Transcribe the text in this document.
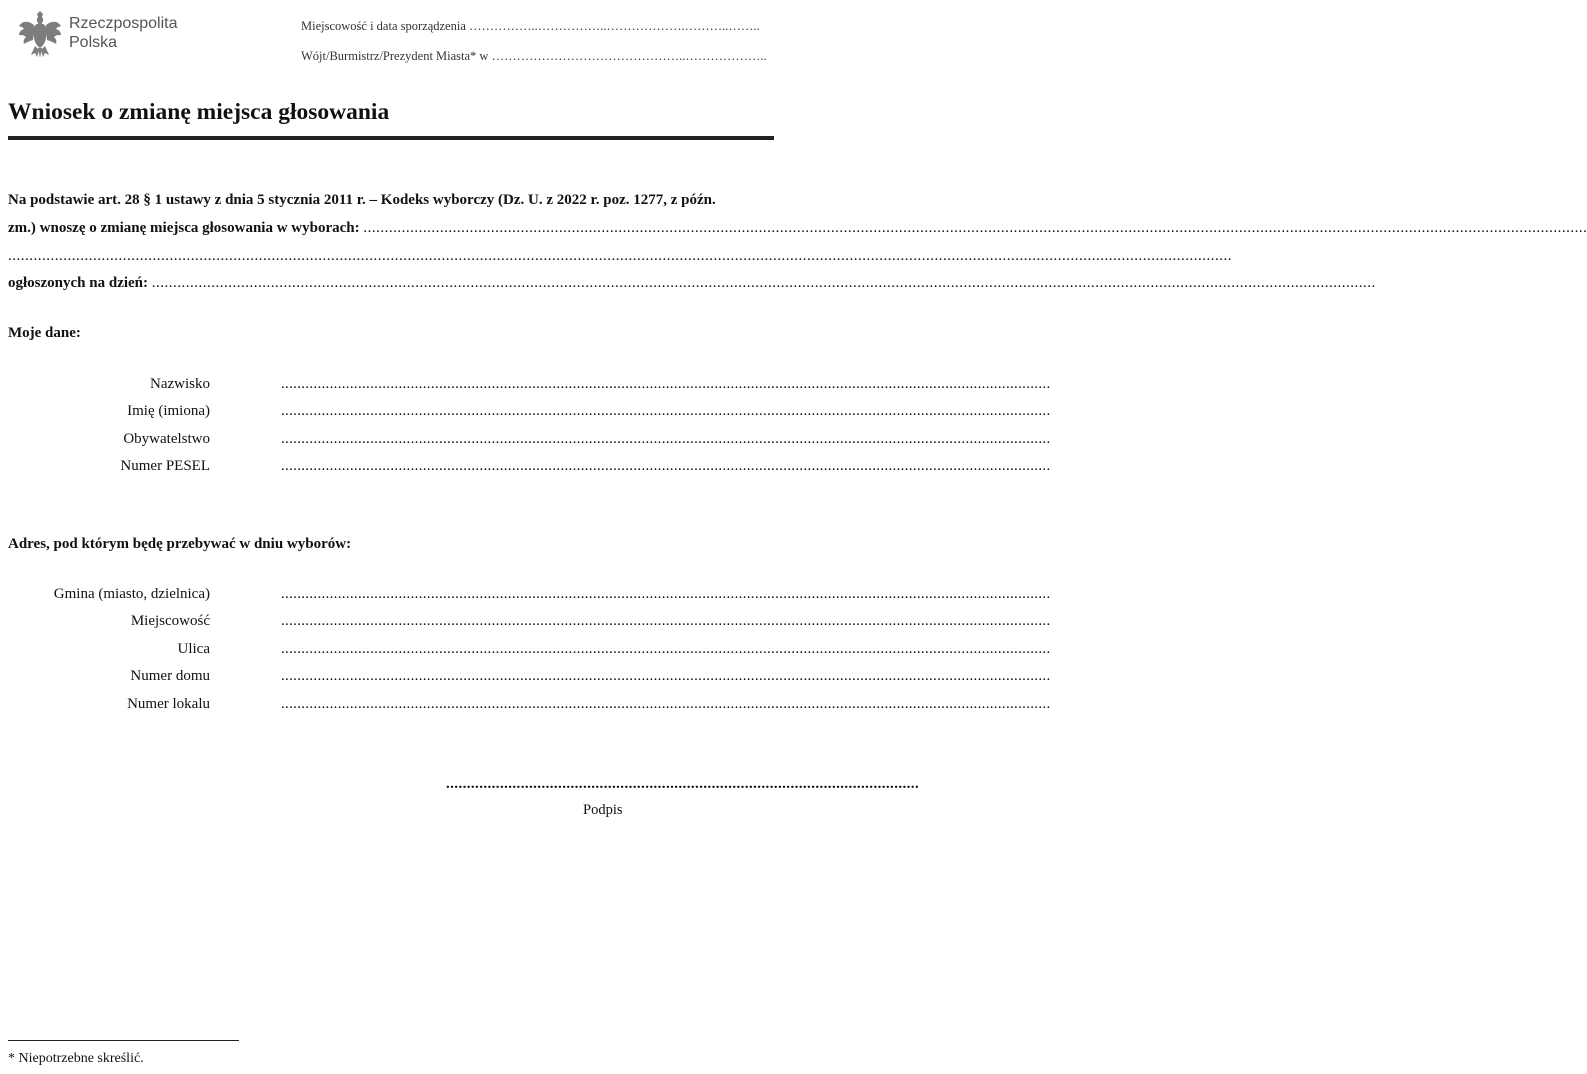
Rzeczpospolita
Polska
Miejscowość i data sporządzenia ……………..……………..……………….………..……..
Wójt/Burmistrz/Prezydent Miasta* w ………………………………………..………………..
Wniosek o zmianę miejsca głosowania
Na podstawie art. 28 § 1 ustawy z dnia 5 stycznia 2011 r. – Kodeks wyborczy (Dz. U. z 2022 r. poz. 1277, z późn.
zm.) wnoszę o zmianę miejsca głosowania w wyborach: ................................................................................................................................................................................................................................................................................................
................................................................................................................................................................................................................................................................................................
ogłoszonych na dzień: ................................................................................................................................................................................................................................................................................................
Moje dane:
Nazwisko	..............................................................................................................................................................................................
Imię (imiona)	..............................................................................................................................................................................................
Obywatelstwo	..............................................................................................................................................................................................
Numer PESEL	..............................................................................................................................................................................................
Adres, pod którym będę przebywać w dniu wyborów:
Gmina (miasto, dzielnica)	..............................................................................................................................................................................................
Miejscowość	..............................................................................................................................................................................................
Ulica	..............................................................................................................................................................................................
Numer domu	..............................................................................................................................................................................................
Numer lokalu	..............................................................................................................................................................................................
..................................................................................................................
Podpis
* Niepotrzebne skreślić.
